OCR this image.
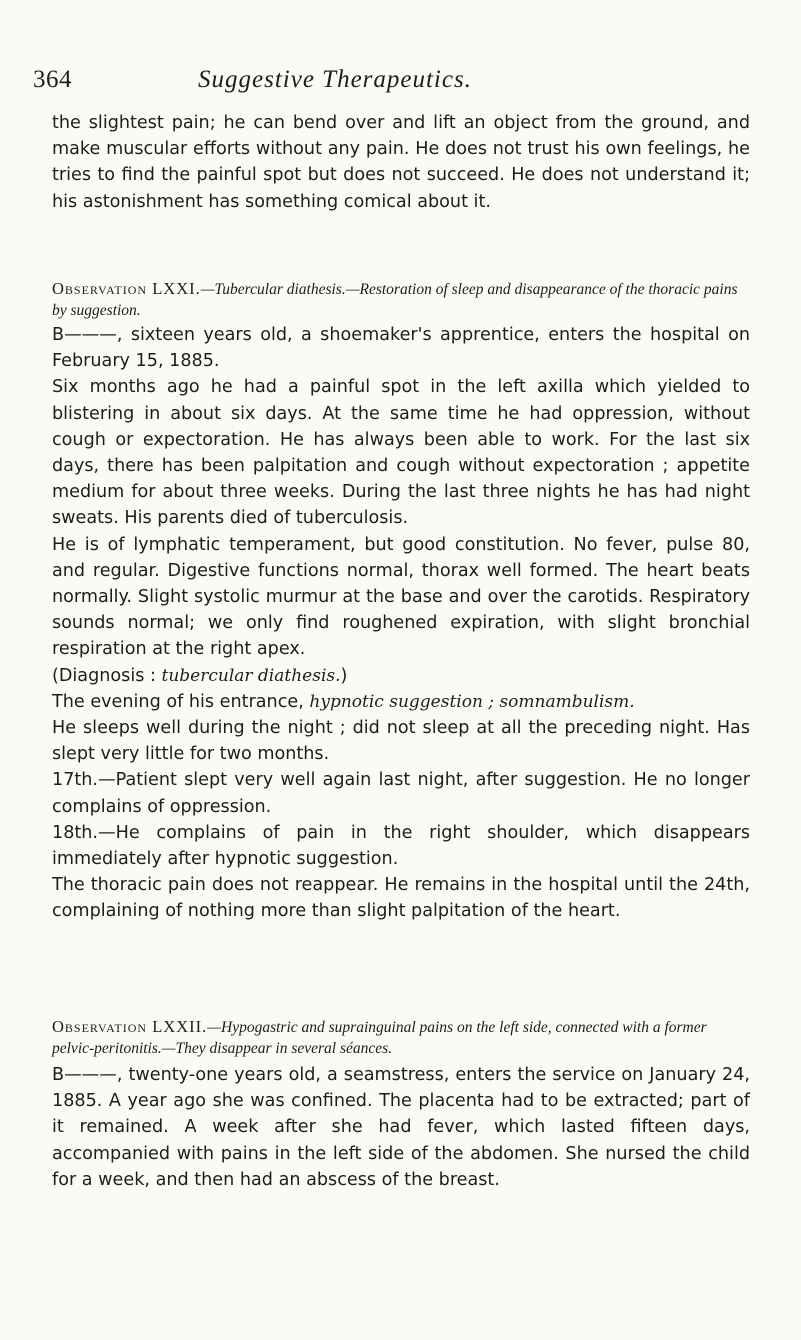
364	Suggestive Therapeutics.

the slightest pain; he can bend over and lift an object from the ground, and make muscular efforts without any pain. He does not trust his own feelings, he tries to find the painful spot but does not succeed. He does not understand it; his astonishment has something comical about it.

Observation LXXI.—Tubercular diathesis.—Restoration of sleep and disappearance of the thoracic pains by suggestion.

B———, sixteen years old, a shoemaker's apprentice, enters the hospital on February 15, 1885.

Six months ago he had a painful spot in the left axilla which yielded to blistering in about six days. At the same time he had oppression, without cough or expectoration. He has always been able to work. For the last six days, there has been palpitation and cough without expectoration ; appetite medium for about three weeks. During the last three nights he has had night sweats. His parents died of tuberculosis.

He is of lymphatic temperament, but good constitution. No fever, pulse 80, and regular. Digestive functions normal, thorax well formed. The heart beats normally. Slight systolic murmur at the base and over the carotids. Respiratory sounds normal; we only find roughened expiration, with slight bronchial respiration at the right apex.

(Diagnosis : tubercular diathesis.)

The evening of his entrance, hypnotic suggestion ; somnambulism.

He sleeps well during the night ; did not sleep at all the preceding night. Has slept very little for two months.

17th.—Patient slept very well again last night, after suggestion. He no longer complains of oppression.

18th.—He complains of pain in the right shoulder, which disappears immediately after hypnotic suggestion.

The thoracic pain does not reappear. He remains in the hospital until the 24th, complaining of nothing more than slight palpitation of the heart.

Observation LXXII.—Hypogastric and suprainguinal pains on the left side, connected with a former pelvic-peritonitis.—They disappear in several séances.

B———, twenty-one years old, a seamstress, enters the service on January 24, 1885. A year ago she was confined. The placenta had to be extracted; part of it remained. A week after she had fever, which lasted fifteen days, accompanied with pains in the left side of the abdomen. She nursed the child for a week, and then had an abscess of the breast.
